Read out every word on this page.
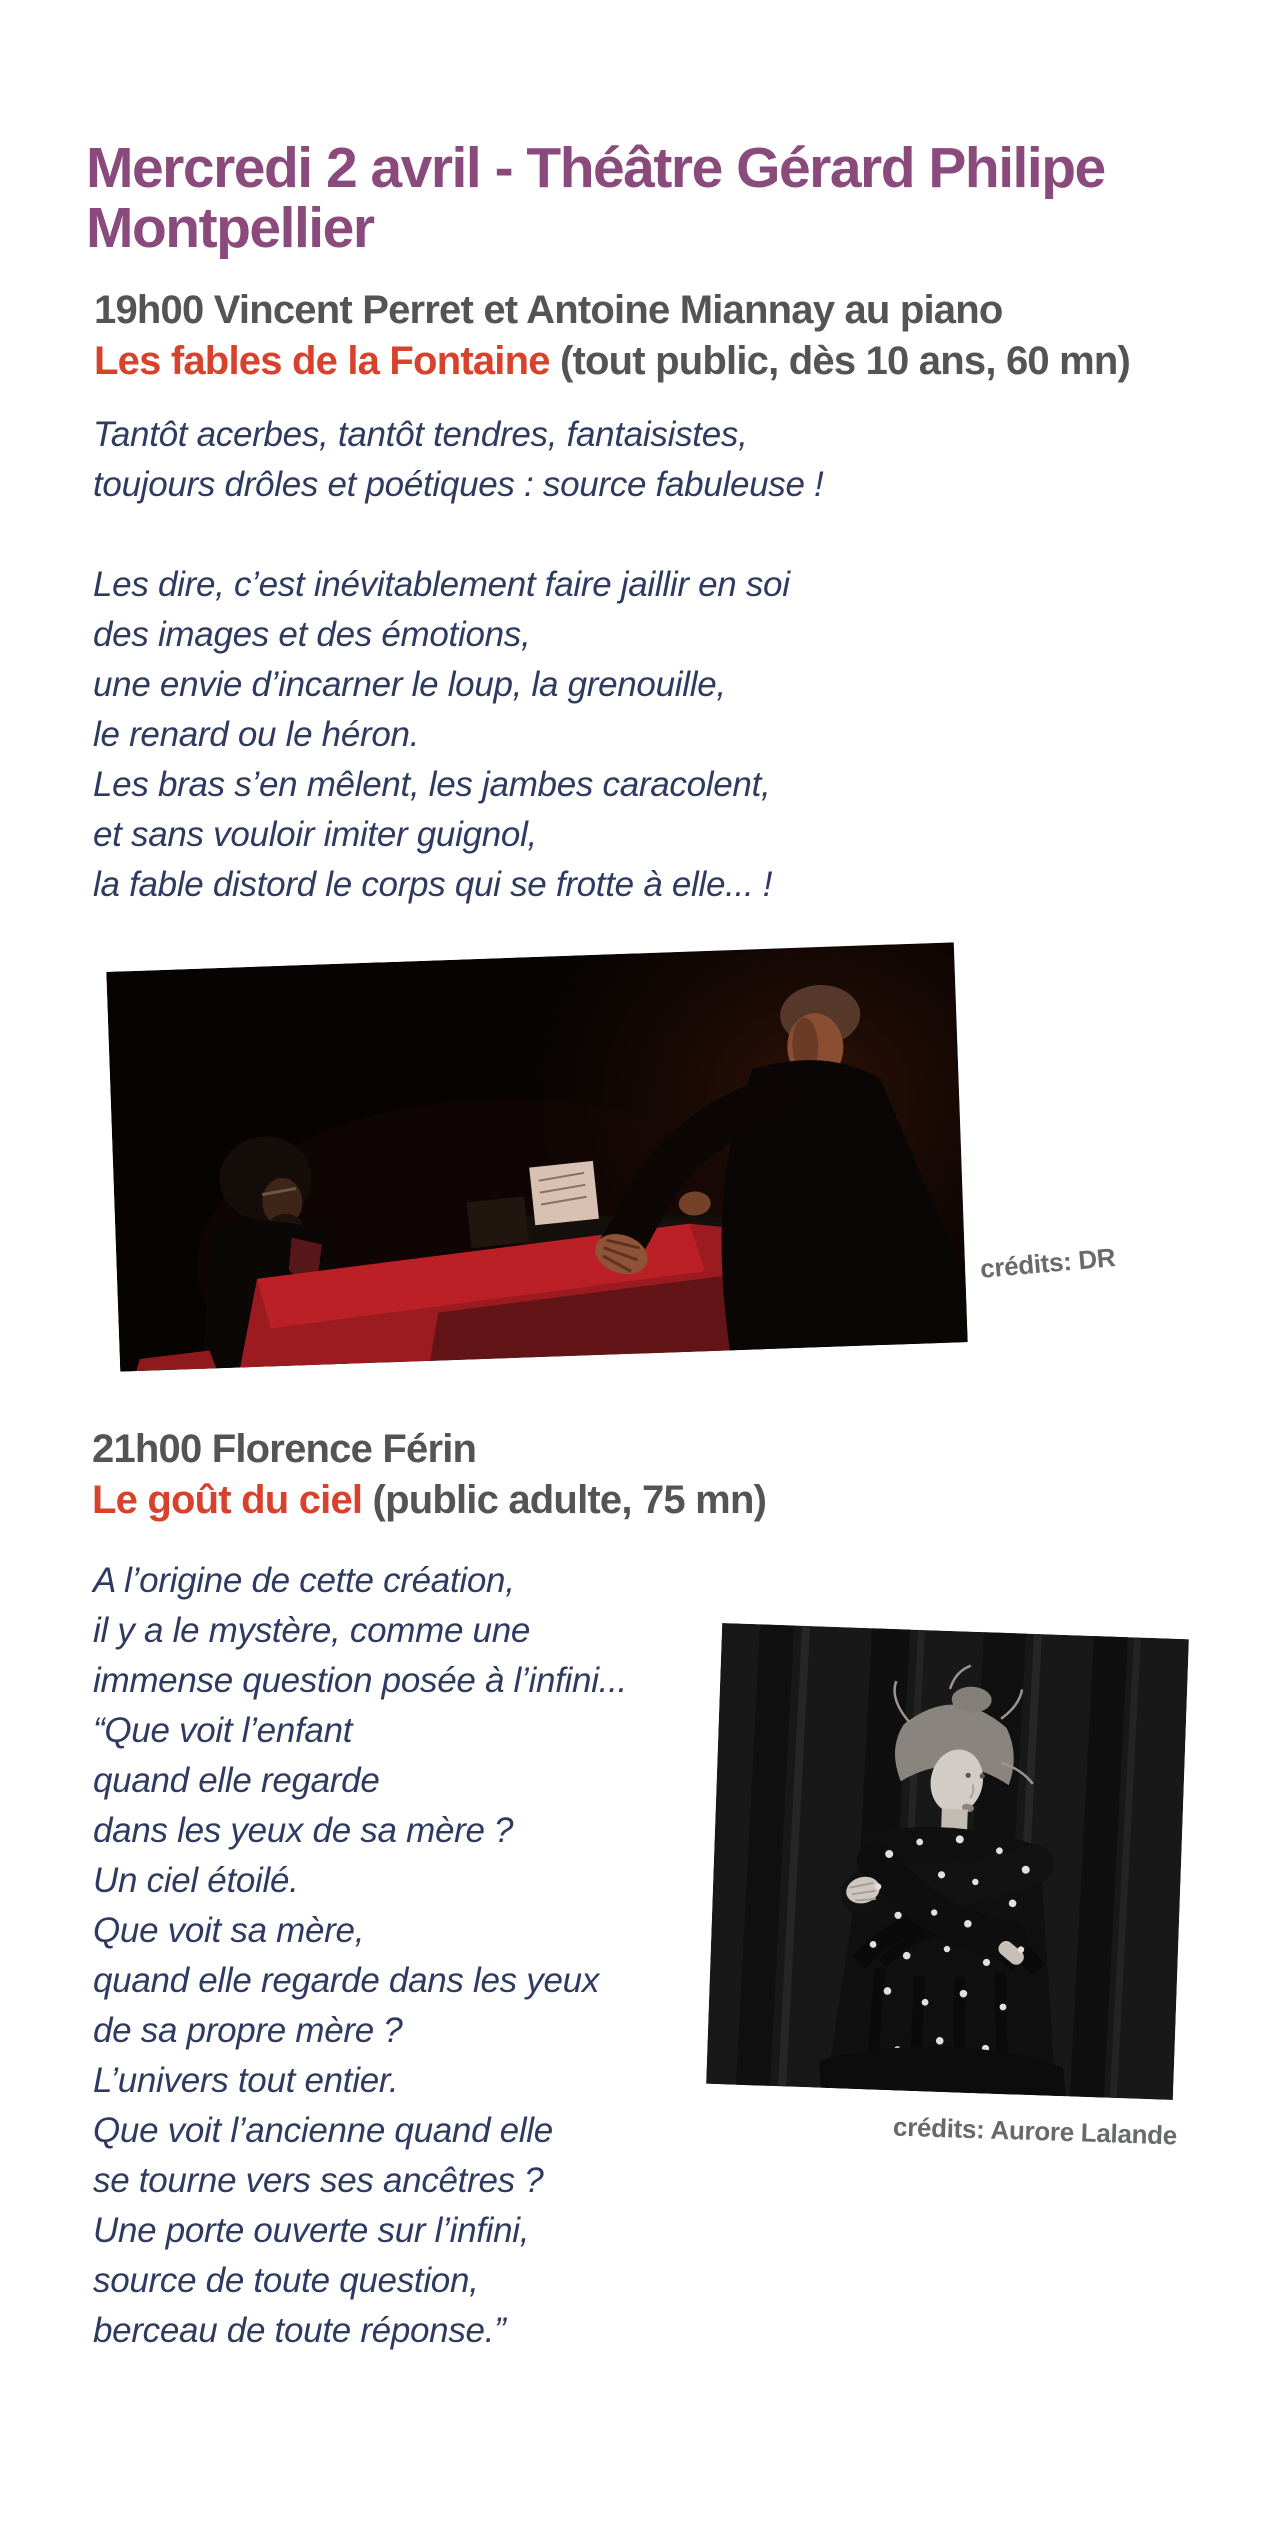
Mercredi 2 avril - Théâtre Gérard Philipe
Montpellier
19h00 Vincent Perret et Antoine Miannay au piano
Les fables de la Fontaine (tout public, dès 10 ans, 60 mn)
Tantôt acerbes, tantôt tendres, fantaisistes,
toujours drôles et poétiques : source fabuleuse !

Les dire, c’est inévitablement faire jaillir en soi
des images et des émotions,
une envie d’incarner le loup, la grenouille,
le renard ou le héron.
Les bras s’en mêlent, les jambes caracolent,
et sans vouloir imiter guignol,
la fable distord le corps qui se frotte à elle... !
crédits: DR
21h00 Florence Férin
Le goût du ciel (public adulte, 75 mn)
A l’origine de cette création,
il y a le mystère, comme une
immense question posée à l’infini...
“Que voit l’enfant
quand elle regarde
dans les yeux de sa mère ?
Un ciel étoilé.
Que voit sa mère,
quand elle regarde dans les yeux
de sa propre mère ?
L’univers tout entier.
Que voit l’ancienne quand elle
se tourne vers ses ancêtres ?
Une porte ouverte sur l’infini,
source de toute question,
berceau de toute réponse.”
crédits: Aurore Lalande
